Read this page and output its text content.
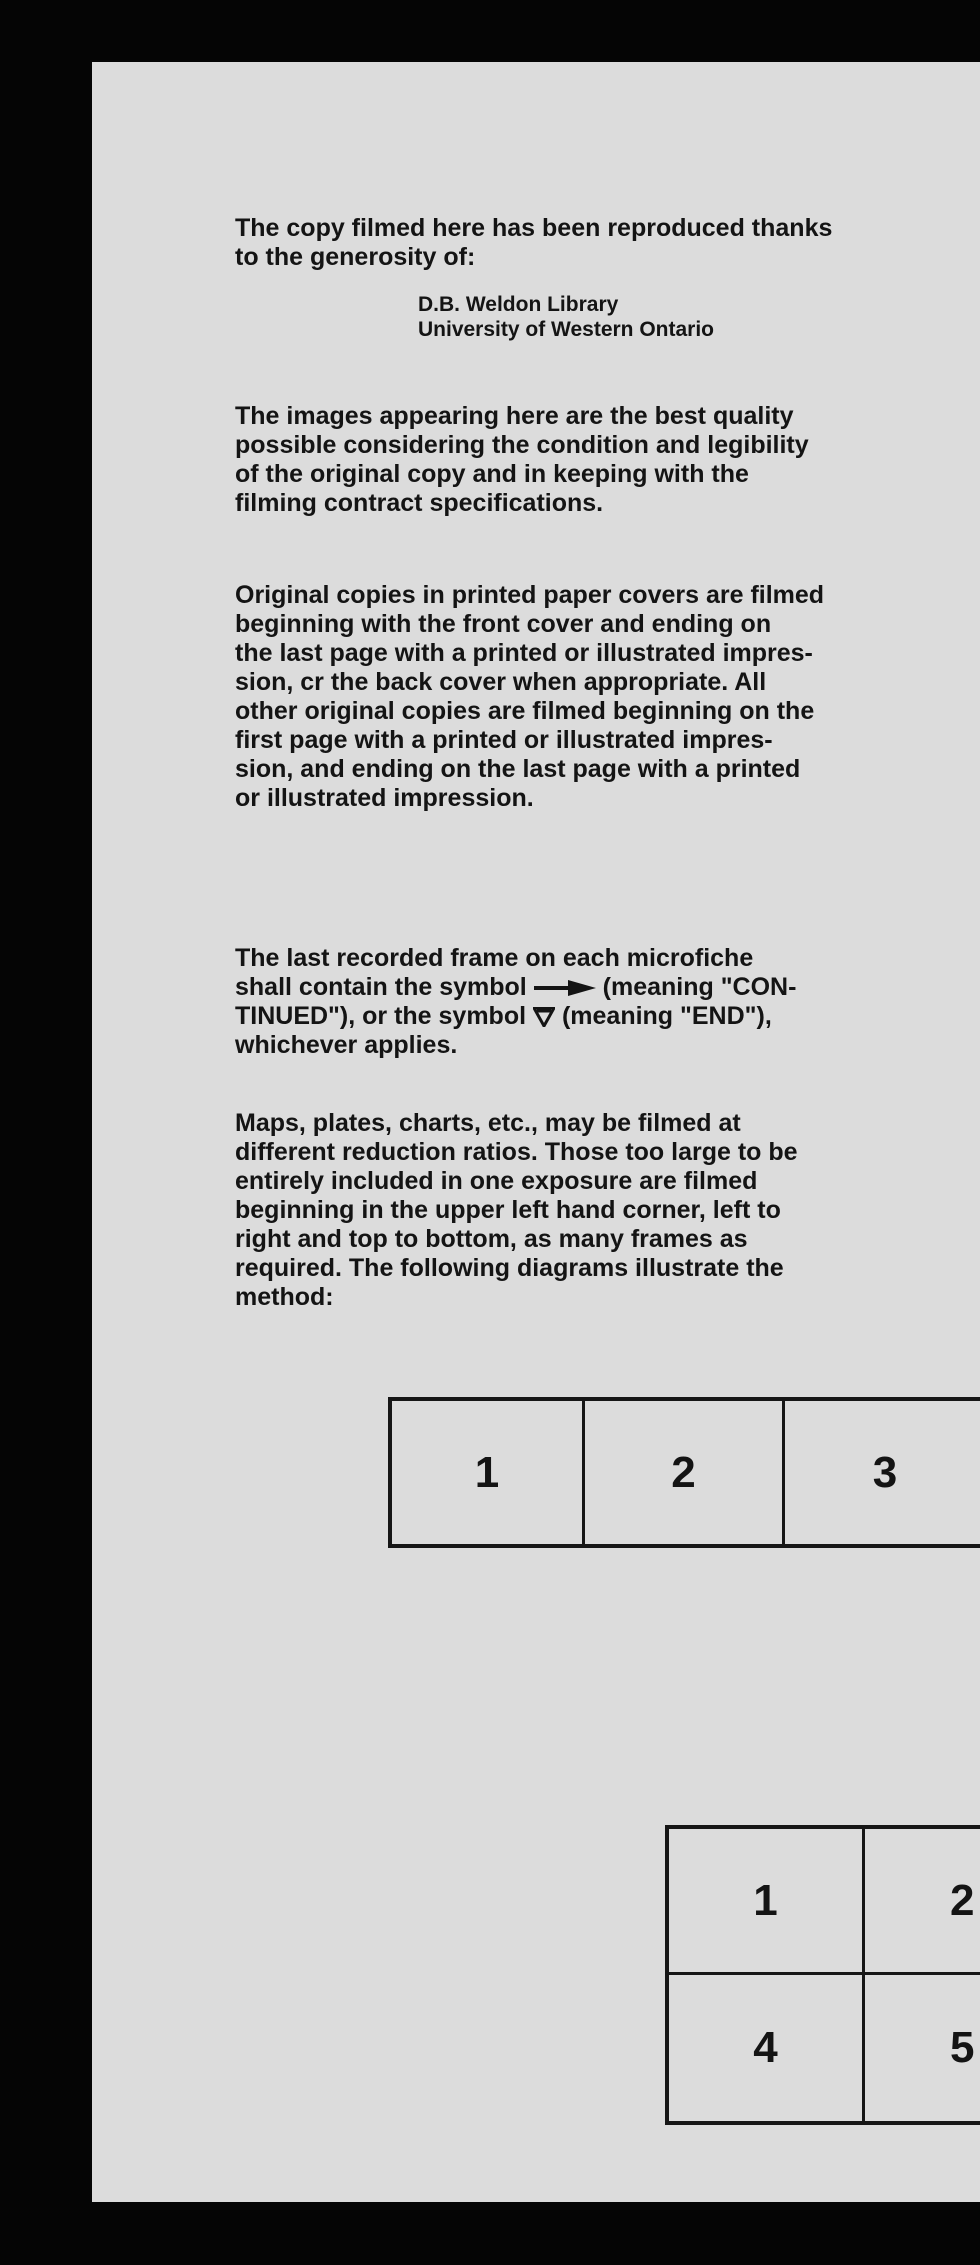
The copy filmed here has been reproduced thanks
to the generosity of:

D.B. Weldon Library
University of Western Ontario

The images appearing here are the best quality
possible considering the condition and legibility
of the original copy and in keeping with the
filming contract specifications.

Original copies in printed paper covers are filmed
beginning with the front cover and ending on
the last page with a printed or illustrated impres-
sion, cr the back cover when appropriate. All
other original copies are filmed beginning on the
first page with a printed or illustrated impres-
sion, and ending on the last page with a printed
or illustrated impression.

The last recorded frame on each microfiche
shall contain the symbol	(meaning "CON-
TINUED"), or the symbol (meaning "END"),
whichever applies.

Maps, plates, charts, etc., may be filmed at
different reduction ratios. Those too large to be
entirely included in one exposure are filmed
beginning in the upper left hand corner, left to
right and top to bottom, as many frames as
required. The following diagrams illustrate the
method:

1	2	3
1	2
4	5
